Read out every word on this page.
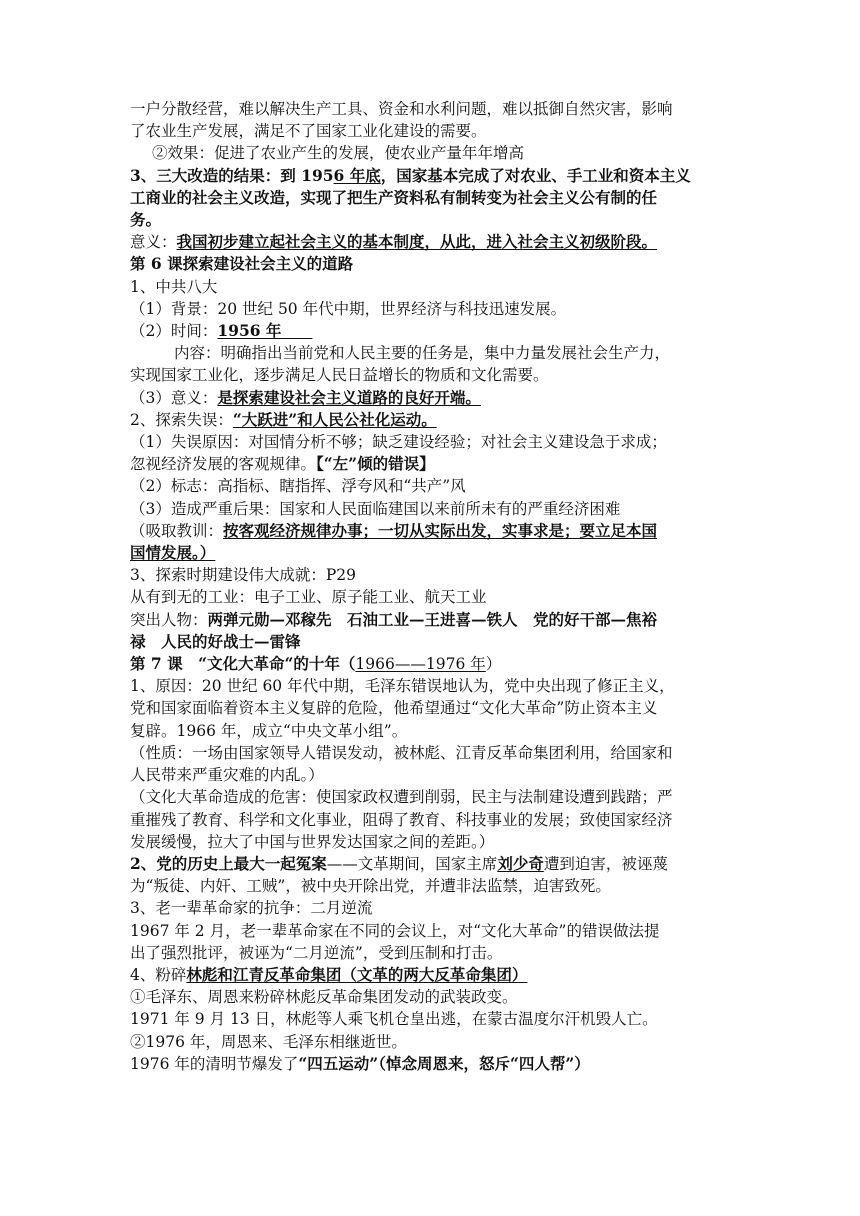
一户分散经营，难以解决生产工具、资金和水利问题，难以抵御自然灾害，影响

了农业生产发展，满足不了国家工业化建设的需要。

②效果：促进了农业产生的发展，使农业产量年年增高

3、三大改造的结果：到 1956 年底，国家基本完成了对农业、手工业和资本主义

工商业的社会主义改造，实现了把生产资料私有制转变为社会主义公有制的任

务。

意义：我国初步建立起社会主义的基本制度，从此，进入社会主义初级阶段。

第 6 课探索建设社会主义的道路

1、中共八大

（1）背景：20 世纪 50 年代中期，世界经济与科技迅速发展。

（2）时间：1956 年  

内容：明确指出当前党和人民主要的任务是，集中力量发展社会生产力，

实现国家工业化，逐步满足人民日益增长的物质和文化需要。

（3）意义：是探索建设社会主义道路的良好开端。

2、探索失误：“大跃进”和人民公社化运动。

（1）失误原因：对国情分析不够；缺乏建设经验；对社会主义建设急于求成；

忽视经济发展的客观规律。【“左”倾的错误】

（2）标志：高指标、瞎指挥、浮夸风和“共产”风

（3）造成严重后果：国家和人民面临建国以来前所未有的严重经济困难

（吸取教训：按客观经济规律办事；一切从实际出发，实事求是；要立足本国

国情发展。）

3、探索时期建设伟大成就：P29

从有到无的工业：电子工业、原子能工业、航天工业

突出人物：两弹元勋—邓稼先　石油工业—王进喜—铁人　党的好干部—焦裕

禄　人民的好战士—雷锋

第 7 课　“文化大革命“的十年（1966——1976 年）

1、原因：20 世纪 60 年代中期，毛泽东错误地认为，党中央出现了修正主义，

党和国家面临着资本主义复辟的危险，他希望通过“文化大革命”防止资本主义

复辟。1966 年，成立“中央文革小组”。

（性质：一场由国家领导人错误发动，被林彪、江青反革命集团利用，给国家和

人民带来严重灾难的内乱。）

（文化大革命造成的危害：使国家政权遭到削弱，民主与法制建设遭到践踏；严

重摧残了教育、科学和文化事业，阻碍了教育、科技事业的发展；致使国家经济

发展缓慢，拉大了中国与世界发达国家之间的差距。）

2、党的历史上最大一起冤案——文革期间，国家主席刘少奇遭到迫害，被诬蔑

为“叛徒、内奸、工贼”，被中央开除出党，并遭非法监禁，迫害致死。

3、老一辈革命家的抗争：二月逆流

1967 年 2 月，老一辈革命家在不同的会议上，对“文化大革命”的错误做法提

出了强烈批评，被诬为“二月逆流”，受到压制和打击。

4、粉碎林彪和江青反革命集团（文革的两大反革命集团）

①毛泽东、周恩来粉碎林彪反革命集团发动的武装政变。

1971 年 9 月 13 日，林彪等人乘飞机仓皇出逃，在蒙古温度尔汗机毁人亡。

②1976 年，周恩来、毛泽东相继逝世。

1976 年的清明节爆发了“四五运动”（悼念周恩来，怒斥“四人帮”）
